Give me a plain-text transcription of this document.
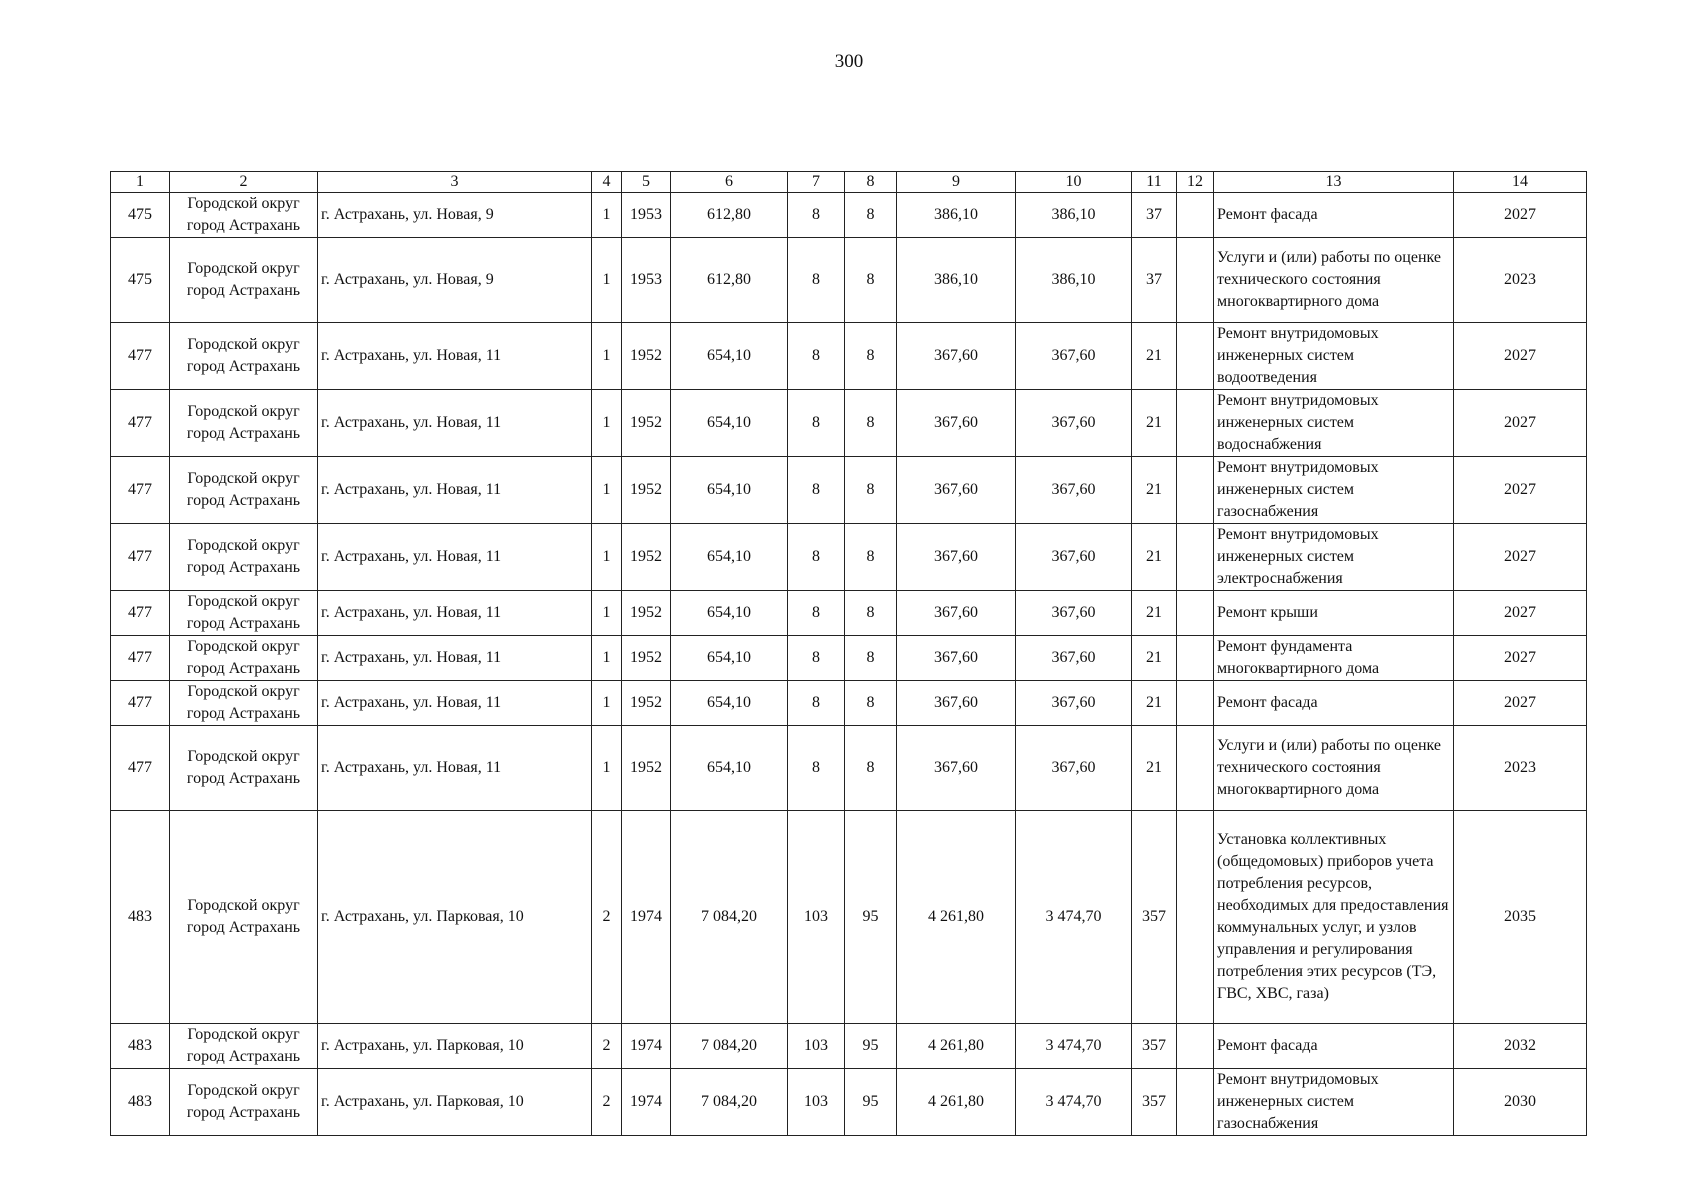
300
1	2	3	4	5	6	7	8	9	10	11	12	13	14
475	Городской округ город Астрахань	г. Астрахань, ул. Новая, 9	1	1953	612,80	8	8	386,10	386,10	37		Ремонт фасада	2027
475	Городской округ город Астрахань	г. Астрахань, ул. Новая, 9	1	1953	612,80	8	8	386,10	386,10	37		Услуги и (или) работы по оценке технического состояния многоквартирного дома	2023
477	Городской округ город Астрахань	г. Астрахань, ул. Новая, 11	1	1952	654,10	8	8	367,60	367,60	21		Ремонт внутридомовых инженерных систем водоотведения	2027
477	Городской округ город Астрахань	г. Астрахань, ул. Новая, 11	1	1952	654,10	8	8	367,60	367,60	21		Ремонт внутридомовых инженерных систем водоснабжения	2027
477	Городской округ город Астрахань	г. Астрахань, ул. Новая, 11	1	1952	654,10	8	8	367,60	367,60	21		Ремонт внутридомовых инженерных систем газоснабжения	2027
477	Городской округ город Астрахань	г. Астрахань, ул. Новая, 11	1	1952	654,10	8	8	367,60	367,60	21		Ремонт внутридомовых инженерных систем электроснабжения	2027
477	Городской округ город Астрахань	г. Астрахань, ул. Новая, 11	1	1952	654,10	8	8	367,60	367,60	21		Ремонт крыши	2027
477	Городской округ город Астрахань	г. Астрахань, ул. Новая, 11	1	1952	654,10	8	8	367,60	367,60	21		Ремонт фундамента многоквартирного дома	2027
477	Городской округ город Астрахань	г. Астрахань, ул. Новая, 11	1	1952	654,10	8	8	367,60	367,60	21		Ремонт фасада	2027
477	Городской округ город Астрахань	г. Астрахань, ул. Новая, 11	1	1952	654,10	8	8	367,60	367,60	21		Услуги и (или) работы по оценке технического состояния многоквартирного дома	2023
483	Городской округ город Астрахань	г. Астрахань, ул. Парковая, 10	2	1974	7 084,20	103	95	4 261,80	3 474,70	357		Установка коллективных (общедомовых) приборов учета потребления ресурсов, необходимых для предоставления коммунальных услуг, и узлов управления и регулирования потребления этих ресурсов (ТЭ, ГВС, ХВС, газа)	2035
483	Городской округ город Астрахань	г. Астрахань, ул. Парковая, 10	2	1974	7 084,20	103	95	4 261,80	3 474,70	357		Ремонт фасада	2032
483	Городской округ город Астрахань	г. Астрахань, ул. Парковая, 10	2	1974	7 084,20	103	95	4 261,80	3 474,70	357		Ремонт внутридомовых инженерных систем газоснабжения	2030
